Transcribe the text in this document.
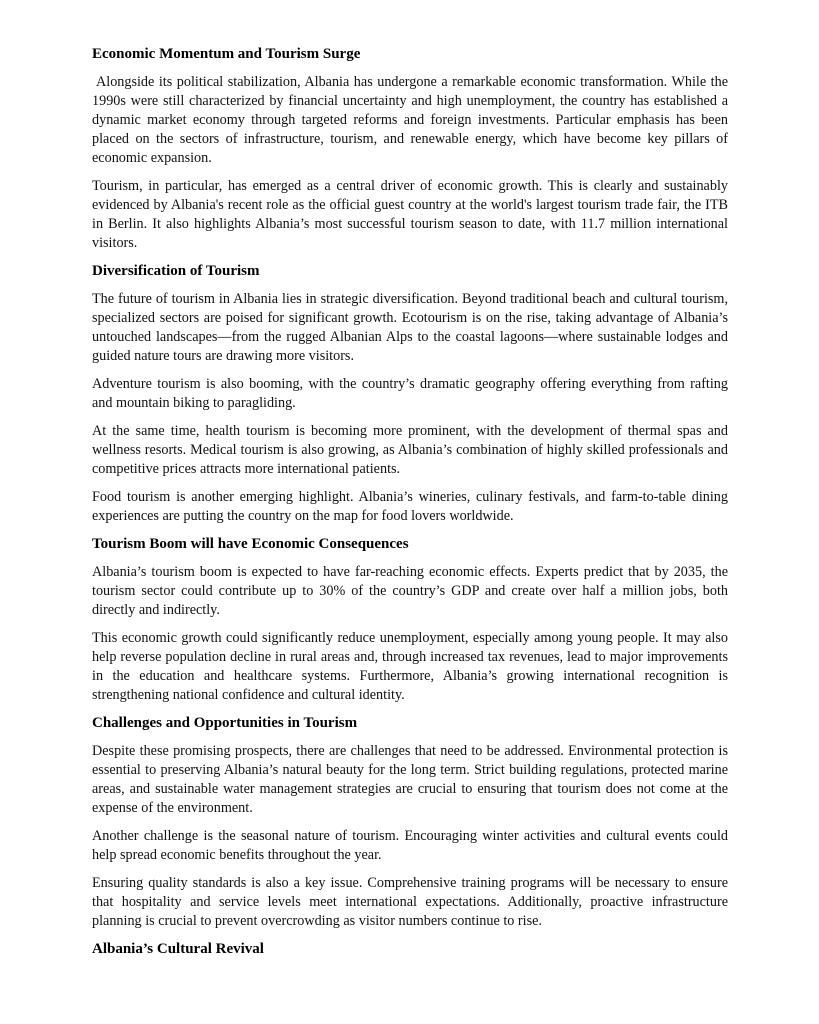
Economic Momentum and Tourism Surge

Alongside its political stabilization, Albania has undergone a remarkable economic transformation. While the 1990s were still characterized by financial uncertainty and high unemployment, the country has established a dynamic market economy through targeted reforms and foreign investments. Particular emphasis has been placed on the sectors of infrastructure, tourism, and renewable energy, which have become key pillars of economic expansion.

Tourism, in particular, has emerged as a central driver of economic growth. This is clearly and sustainably evidenced by Albania's recent role as the official guest country at the world's largest tourism trade fair, the ITB in Berlin. It also highlights Albania’s most successful tourism season to date, with 11.7 million international visitors.

Diversification of Tourism

The future of tourism in Albania lies in strategic diversification. Beyond traditional beach and cultural tourism, specialized sectors are poised for significant growth. Ecotourism is on the rise, taking advantage of Albania’s untouched landscapes—from the rugged Albanian Alps to the coastal lagoons—where sustainable lodges and guided nature tours are drawing more visitors.

Adventure tourism is also booming, with the country’s dramatic geography offering everything from rafting and mountain biking to paragliding.

At the same time, health tourism is becoming more prominent, with the development of thermal spas and wellness resorts. Medical tourism is also growing, as Albania’s combination of highly skilled professionals and competitive prices attracts more international patients.

Food tourism is another emerging highlight. Albania’s wineries, culinary festivals, and farm-to-table dining experiences are putting the country on the map for food lovers worldwide.

Tourism Boom will have Economic Consequences

Albania’s tourism boom is expected to have far-reaching economic effects. Experts predict that by 2035, the tourism sector could contribute up to 30% of the country’s GDP and create over half a million jobs, both directly and indirectly.

This economic growth could significantly reduce unemployment, especially among young people. It may also help reverse population decline in rural areas and, through increased tax revenues, lead to major improvements in the education and healthcare systems. Furthermore, Albania’s growing international recognition is strengthening national confidence and cultural identity.

Challenges and Opportunities in Tourism

Despite these promising prospects, there are challenges that need to be addressed. Environmental protection is essential to preserving Albania’s natural beauty for the long term. Strict building regulations, protected marine areas, and sustainable water management strategies are crucial to ensuring that tourism does not come at the expense of the environment.

Another challenge is the seasonal nature of tourism. Encouraging winter activities and cultural events could help spread economic benefits throughout the year.

Ensuring quality standards is also a key issue. Comprehensive training programs will be necessary to ensure that hospitality and service levels meet international expectations. Additionally, proactive infrastructure planning is crucial to prevent overcrowding as visitor numbers continue to rise.

Albania’s Cultural Revival
